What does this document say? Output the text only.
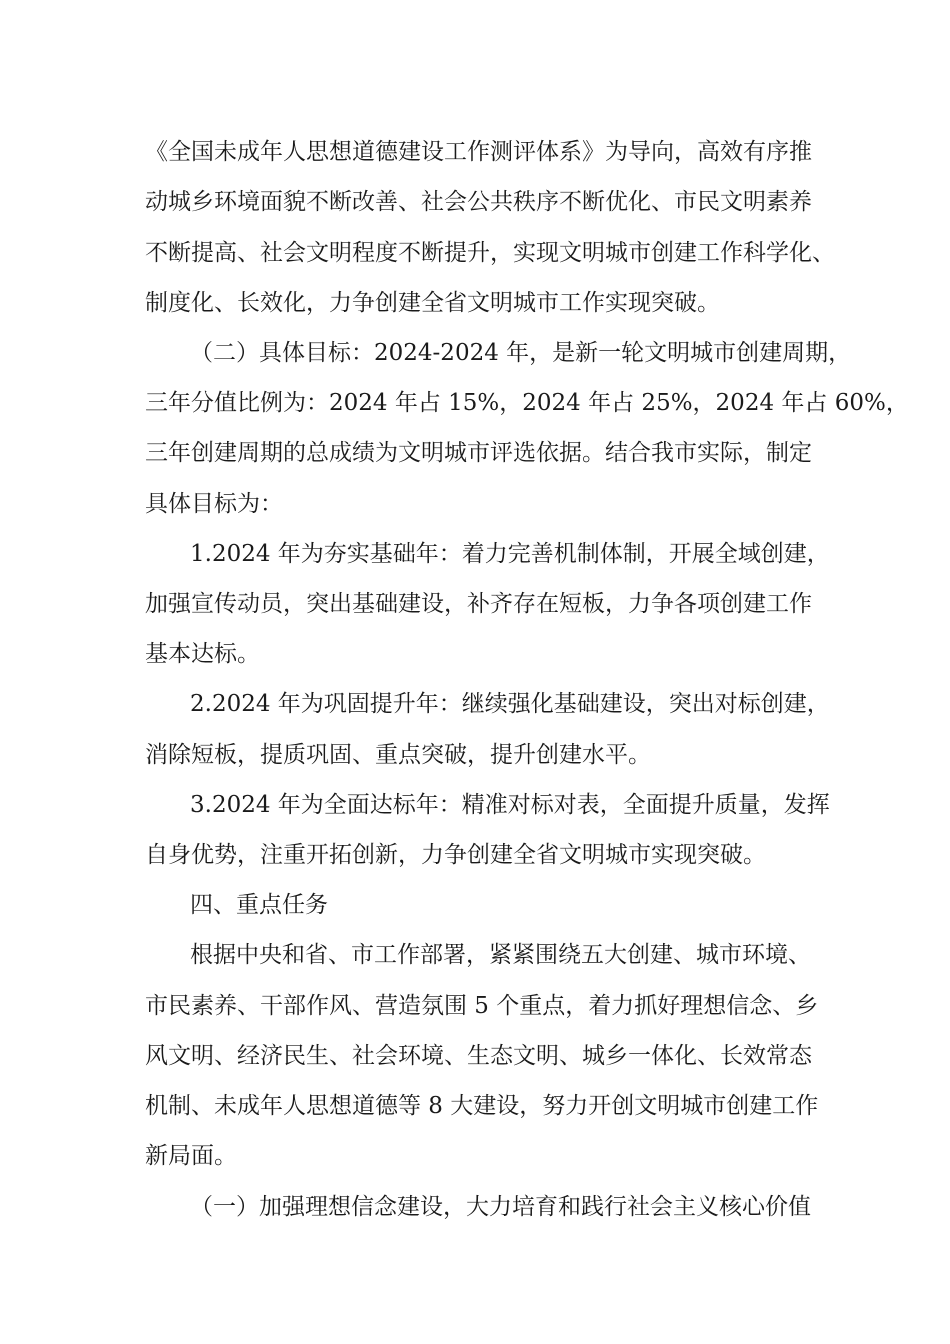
《全国未成年人思想道德建设工作测评体系》为导向，高效有序推
动城乡环境面貌不断改善、社会公共秩序不断优化、市民文明素养
不断提高、社会文明程度不断提升，实现文明城市创建工作科学化、
制度化、长效化，力争创建全省文明城市工作实现突破。
（二）具体目标：2024-2024 年，是新一轮文明城市创建周期，
三年分值比例为：2024 年占 15%，2024 年占 25%，2024 年占 60%，
三年创建周期的总成绩为文明城市评选依据。结合我市实际，制定
具体目标为：
1.2024 年为夯实基础年：着力完善机制体制，开展全域创建，
加强宣传动员，突出基础建设，补齐存在短板，力争各项创建工作
基本达标。
2.2024 年为巩固提升年：继续强化基础建设，突出对标创建，
消除短板，提质巩固、重点突破，提升创建水平。
3.2024 年为全面达标年：精准对标对表，全面提升质量，发挥
自身优势，注重开拓创新，力争创建全省文明城市实现突破。
四、重点任务
根据中央和省、市工作部署，紧紧围绕五大创建、城市环境、
市民素养、干部作风、营造氛围 5 个重点，着力抓好理想信念、乡
风文明、经济民生、社会环境、生态文明、城乡一体化、长效常态
机制、未成年人思想道德等 8 大建设，努力开创文明城市创建工作
新局面。
（一）加强理想信念建设，大力培育和践行社会主义核心价值
